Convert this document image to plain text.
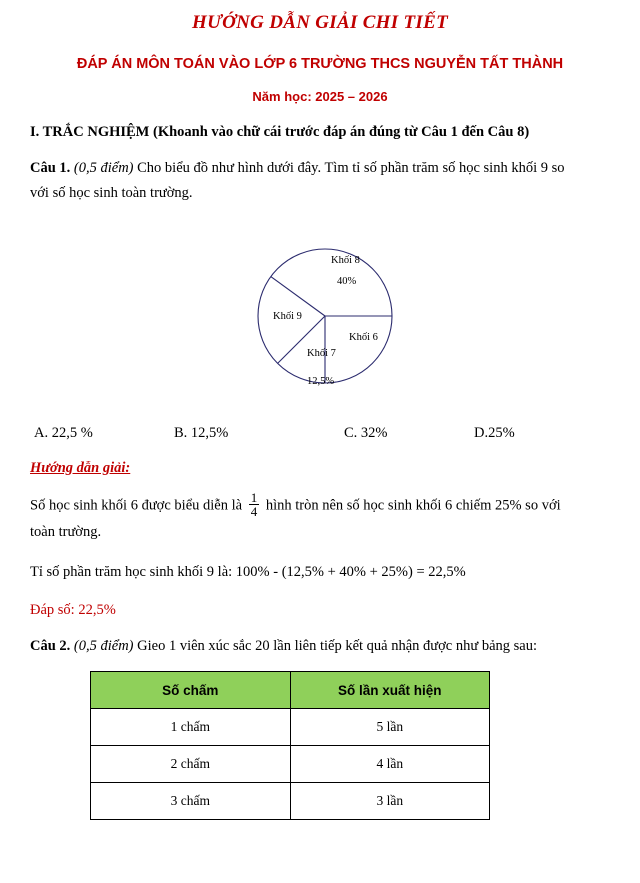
HƯỚNG DẪN GIẢI CHI TIẾT
ĐÁP ÁN MÔN TOÁN VÀO LỚP 6 TRƯỜNG THCS NGUYỄN TẤT THÀNH
Năm học: 2025 – 2026
I. TRẮC NGHIỆM (Khoanh vào chữ cái trước đáp án đúng từ Câu 1 đến Câu 8)
Câu 1. (0,5 điểm) Cho biểu đồ như hình dưới đây. Tìm tỉ số phần trăm số học sinh khối 9 so
với số học sinh toàn trường.
Khối 8
40%
Khối 6
Khối 7
12,5%
Khối 9
A. 22,5 %	B. 12,5%	C. 32%	D.25%
Hướng dẫn giải:
Số học sinh khối 6 được biểu diễn là $\frac{1}{4}$ hình tròn nên số học sinh khối 6 chiếm 25% so với
toàn trường.
Tỉ số phần trăm học sinh khối 9 là: 100% - (12,5% + 40% + 25%) = 22,5%
Đáp số: 22,5%
Câu 2. (0,5 điểm) Gieo 1 viên xúc sắc 20 lần liên tiếp kết quả nhận được như bảng sau:
Số chấm	Số lần xuất hiện
1 chấm	5 lần
2 chấm	4 lần
3 chấm	3 lần
